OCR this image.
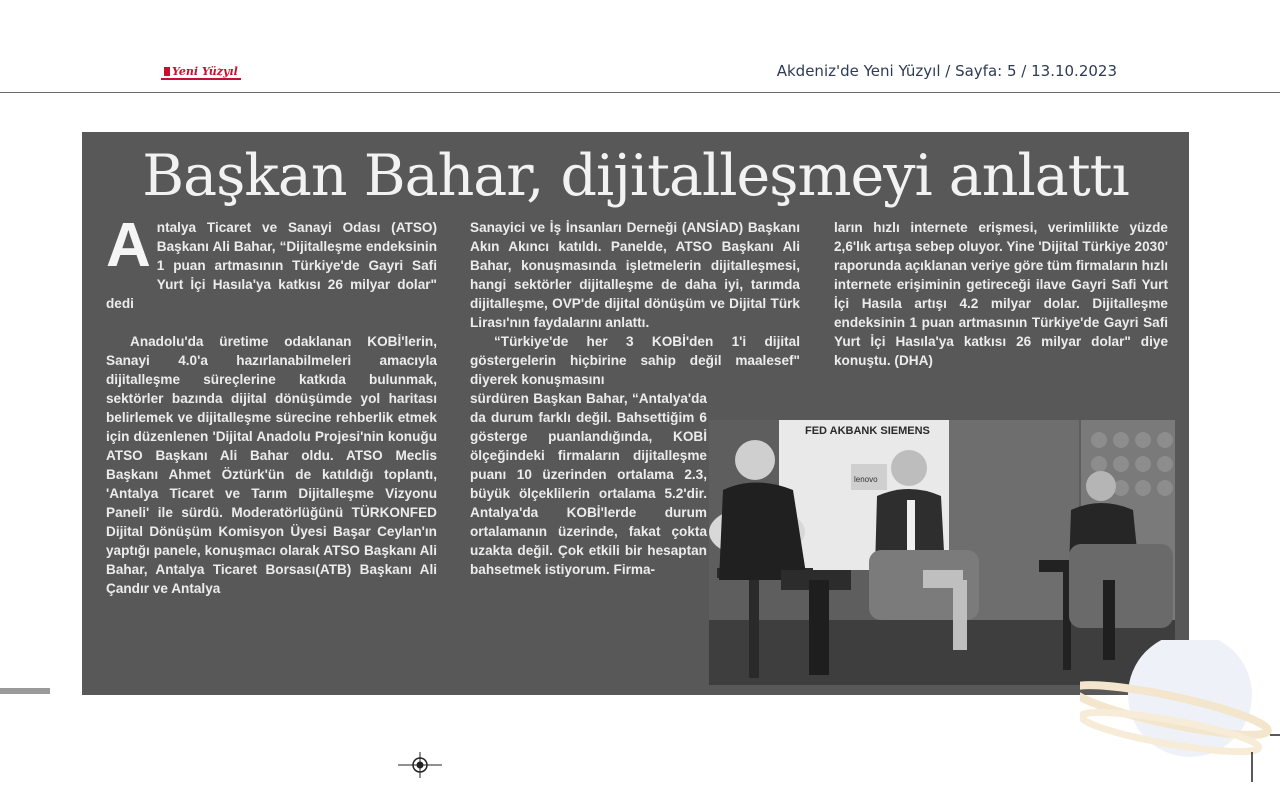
Yeni Yüzyıl	Akdeniz'de Yeni Yüzyıl / Sayfa: 5 / 13.10.2023
Başkan Bahar, dijitalleşmeyi anlattı

Antalya Ticaret ve Sanayi Odası (ATSO) Başkanı Ali Bahar, “Dijitalleşme endeksinin 1 puan artmasının Türkiye'de Gayri Safi Yurt İçi Hasıla'ya katkısı 26 milyar dolar" dedi

Anadolu'da üretime odaklanan KOBİ'lerin, Sanayi 4.0'a hazırlanabilmeleri amacıyla dijitalleşme süreçlerine katkıda bulunmak, sektörler bazında dijital dönüşümde yol haritası belirlemek ve dijitalleşme sürecine rehberlik etmek için düzenlenen 'Dijital Anadolu Projesi'nin konuğu ATSO Başkanı Ali Bahar oldu. ATSO Meclis Başkanı Ahmet Öztürk'ün de katıldığı toplantı, 'Antalya Ticaret ve Tarım Dijitalleşme Vizyonu Paneli' ile sürdü. Moderatörlüğünü TÜRKONFED Dijital Dönüşüm Komisyon Üyesi Başar Ceylan'ın yaptığı panele, konuşmacı olarak ATSO Başkanı Ali Bahar, Antalya Ticaret Borsası(ATB) Başkanı Ali Çandır ve Antalya

Sanayici ve İş İnsanları Derneği (ANSİAD) Başkanı Akın Akıncı katıldı. Panelde, ATSO Başkanı Ali Bahar, konuşmasında işletmelerin dijitalleşmesi, hangi sektörler dijitalleşme de daha iyi, tarımda dijitalleşme, OVP'de dijital dönüşüm ve Dijital Türk Lirası'nın faydalarını anlattı.

“Türkiye'de her 3 KOBİ'den 1'i dijital göstergelerin hiçbirine sahip değil maalesef" diyerek konuşmasını

sürdüren Başkan Bahar, “Antalya'da da durum farklı değil. Bahsettiğim 6 gösterge puanlandığında, KOBİ ölçeğindeki firmaların dijitalleşme puanı 10 üzerinden ortalama 2.3, büyük ölçeklilerin ortalama 5.2'dir. Antalya'da KOBİ'lerde durum ortalamanın üzerinde, fakat çokta uzakta değil. Çok etkili bir hesaptan bahsetmek istiyorum. Firma-

ların hızlı internete erişmesi, verimlilikte yüzde 2,6'lık artışa sebep oluyor. Yine 'Dijital Türkiye 2030' raporunda açıklanan veriye göre tüm firmaların hızlı internete erişiminin getireceği ilave Gayri Safi Yurt İçi Hasıla artışı 4.2 milyar dolar. Dijitalleşme endeksinin 1 puan artmasının Türkiye'de Gayri Safi Yurt İçi Hasıla'ya katkısı 26 milyar dolar" diye konuştu. (DHA)

FED AKBANK SIEMENS
lenovo
